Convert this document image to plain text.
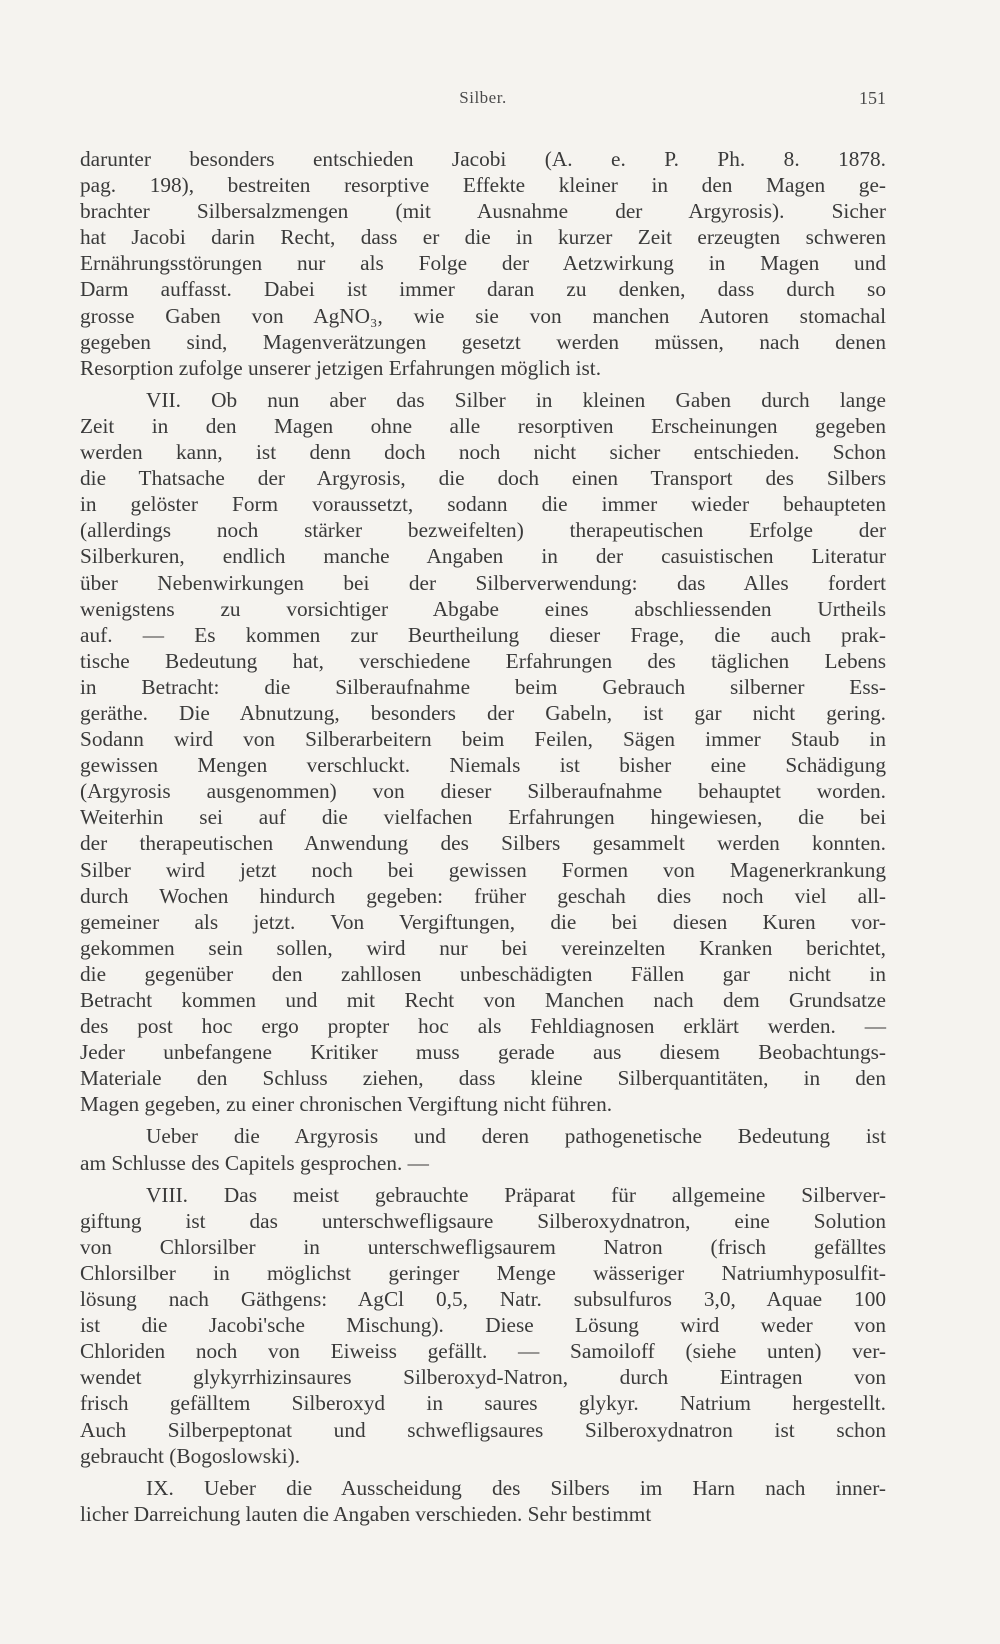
Silber.	151
darunter besonders entschieden Jacobi (A. e. P. Ph. 8. 1878.
pag. 198), bestreiten resorptive Effekte kleiner in den Magen ge-
brachter Silbersalzmengen (mit Ausnahme der Argyrosis). Sicher
hat Jacobi darin Recht, dass er die in kurzer Zeit erzeugten schweren
Ernährungsstörungen nur als Folge der Aetzwirkung in Magen und
Darm auffasst. Dabei ist immer daran zu denken, dass durch so
grosse Gaben von AgNO₃, wie sie von manchen Autoren stomachal
gegeben sind, Magenverätzungen gesetzt werden müssen, nach denen
Resorption zufolge unserer jetzigen Erfahrungen möglich ist.
VII. Ob nun aber das Silber in kleinen Gaben durch lange
Zeit in den Magen ohne alle resorptiven Erscheinungen gegeben
werden kann, ist denn doch noch nicht sicher entschieden. Schon
die Thatsache der Argyrosis, die doch einen Transport des Silbers
in gelöster Form voraussetzt, sodann die immer wieder behaupteten
(allerdings noch stärker bezweifelten) therapeutischen Erfolge der
Silberkuren, endlich manche Angaben in der casuistischen Literatur
über Nebenwirkungen bei der Silberverwendung: das Alles fordert
wenigstens zu vorsichtiger Abgabe eines abschliessenden Urtheils
auf. — Es kommen zur Beurtheilung dieser Frage, die auch prak-
tische Bedeutung hat, verschiedene Erfahrungen des täglichen Lebens
in Betracht: die Silberaufnahme beim Gebrauch silberner Ess-
geräthe. Die Abnutzung, besonders der Gabeln, ist gar nicht gering.
Sodann wird von Silberarbeitern beim Feilen, Sägen immer Staub in
gewissen Mengen verschluckt. Niemals ist bisher eine Schädigung
(Argyrosis ausgenommen) von dieser Silberaufnahme behauptet worden.
Weiterhin sei auf die vielfachen Erfahrungen hingewiesen, die bei
der therapeutischen Anwendung des Silbers gesammelt werden konnten.
Silber wird jetzt noch bei gewissen Formen von Magenerkrankung
durch Wochen hindurch gegeben: früher geschah dies noch viel all-
gemeiner als jetzt. Von Vergiftungen, die bei diesen Kuren vor-
gekommen sein sollen, wird nur bei vereinzelten Kranken berichtet,
die gegenüber den zahllosen unbeschädigten Fällen gar nicht in
Betracht kommen und mit Recht von Manchen nach dem Grundsatze
des post hoc ergo propter hoc als Fehldiagnosen erklärt werden. —
Jeder unbefangene Kritiker muss gerade aus diesem Beobachtungs-
Materiale den Schluss ziehen, dass kleine Silberquantitäten, in den
Magen gegeben, zu einer chronischen Vergiftung nicht führen.
Ueber die Argyrosis und deren pathogenetische Bedeutung ist
am Schlusse des Capitels gesprochen. —
VIII. Das meist gebrauchte Präparat für allgemeine Silberver-
giftung ist das unterschwefligsaure Silberoxydnatron, eine Solution
von Chlorsilber in unterschwefligsaurem Natron (frisch gefälltes
Chlorsilber in möglichst geringer Menge wässeriger Natriumhyposulfit-
lösung nach Gäthgens: AgCl 0,5, Natr. subsulfuros 3,0, Aquae 100
ist die Jacobi'sche Mischung). Diese Lösung wird weder von
Chloriden noch von Eiweiss gefällt. — Samoiloff (siehe unten) ver-
wendet glykyrrhizinsaures Silberoxyd-Natron, durch Eintragen von
frisch gefälltem Silberoxyd in saures glykyr. Natrium hergestellt.
Auch Silberpeptonat und schwefligsaures Silberoxydnatron ist schon
gebraucht (Bogoslowski).
IX. Ueber die Ausscheidung des Silbers im Harn nach inner-
licher Darreichung lauten die Angaben verschieden. Sehr bestimmt
